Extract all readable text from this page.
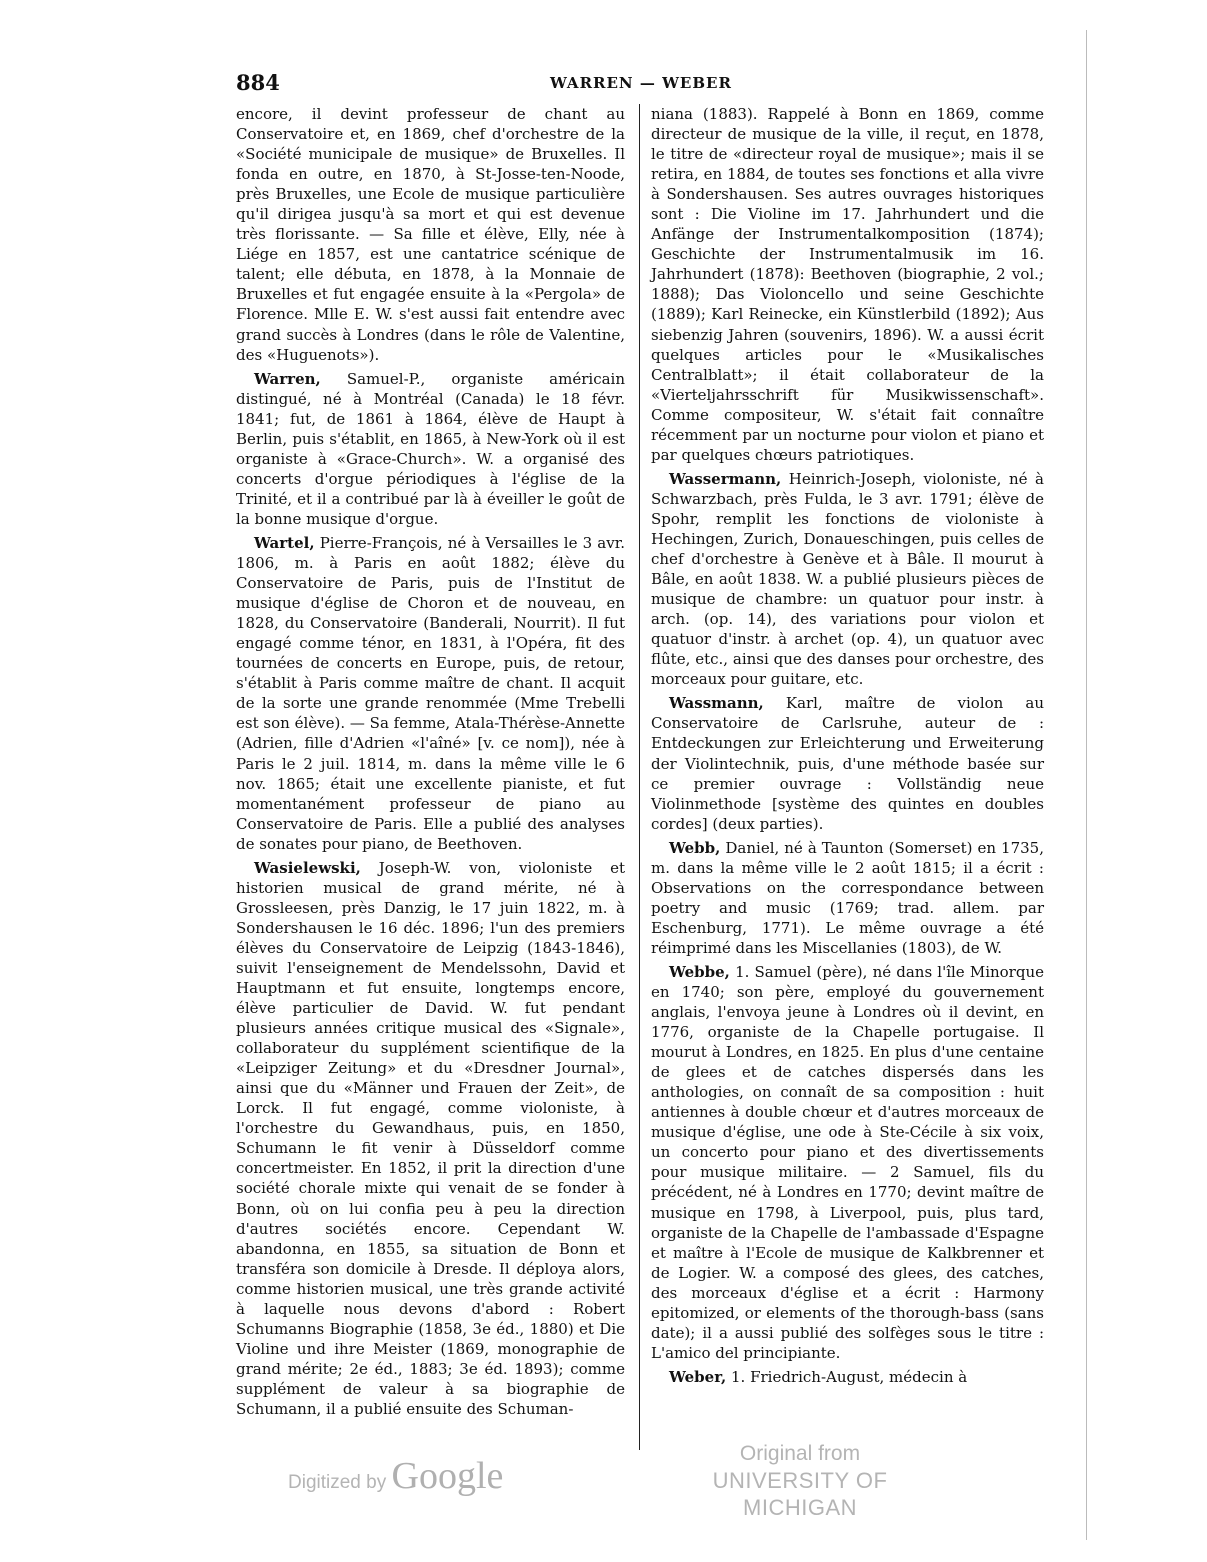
884	WARREN — WEBER

encore, il devint professeur de chant au Conservatoire et, en 1869, chef d'orchestre de la «Société municipale de musique» de Bruxelles. Il fonda en outre, en 1870, à St-Josse-ten-Noode, près Bruxelles, une Ecole de musique particulière qu'il dirigea jusqu'à sa mort et qui est devenue très florissante. — Sa fille et élève, Elly, née à Liége en 1857, est une cantatrice scénique de talent; elle débuta, en 1878, à la Monnaie de Bruxelles et fut engagée ensuite à la «Pergola» de Florence. Mlle E. W. s'est aussi fait entendre avec grand succès à Londres (dans le rôle de Valentine, des «Huguenots»).

Warren, Samuel-P., organiste américain distingué, né à Montréal (Canada) le 18 févr. 1841; fut, de 1861 à 1864, élève de Haupt à Berlin, puis s'établit, en 1865, à New-York où il est organiste à «Grace-Church». W. a organisé des concerts d'orgue périodiques à l'église de la Trinité, et il a contribué par là à éveiller le goût de la bonne musique d'orgue.

Wartel, Pierre-François, né à Versailles le 3 avr. 1806, m. à Paris en août 1882; élève du Conservatoire de Paris, puis de l'Institut de musique d'église de Choron et de nouveau, en 1828, du Conservatoire (Banderali, Nourrit). Il fut engagé comme ténor, en 1831, à l'Opéra, fit des tournées de concerts en Europe, puis, de retour, s'établit à Paris comme maître de chant. Il acquit de la sorte une grande renommée (Mme Trebelli est son élève). — Sa femme, Atala-Thérèse-Annette (Adrien, fille d'Adrien «l'aîné» [v. ce nom]), née à Paris le 2 juil. 1814, m. dans la même ville le 6 nov. 1865; était une excellente pianiste, et fut momentanément professeur de piano au Conservatoire de Paris. Elle a publié des analyses de sonates pour piano, de Beethoven.

Wasielewski, Joseph-W. von, violoniste et historien musical de grand mérite, né à Grossleesen, près Danzig, le 17 juin 1822, m. à Sondershausen le 16 déc. 1896; l'un des premiers élèves du Conservatoire de Leipzig (1843-1846), suivit l'enseignement de Mendelssohn, David et Hauptmann et fut ensuite, longtemps encore, élève particulier de David. W. fut pendant plusieurs années critique musical des «Signale», collaborateur du supplément scientifique de la «Leipziger Zeitung» et du «Dresdner Journal», ainsi que du «Männer und Frauen der Zeit», de Lorck. Il fut engagé, comme violoniste, à l'orchestre du Gewandhaus, puis, en 1850, Schumann le fit venir à Düsseldorf comme concertmeister. En 1852, il prit la direction d'une société chorale mixte qui venait de se fonder à Bonn, où on lui confia peu à peu la direction d'autres sociétés encore. Cependant W. abandonna, en 1855, sa situation de Bonn et transféra son domicile à Dresde. Il déploya alors, comme historien musical, une très grande activité à laquelle nous devons d'abord : Robert Schumanns Biographie (1858, 3e éd., 1880) et Die Violine und ihre Meister (1869, monographie de grand mérite; 2e éd., 1883; 3e éd. 1893); comme supplément de valeur à sa biographie de Schumann, il a publié ensuite des Schuman-

niana (1883). Rappelé à Bonn en 1869, comme directeur de musique de la ville, il reçut, en 1878, le titre de «directeur royal de musique»; mais il se retira, en 1884, de toutes ses fonctions et alla vivre à Sondershausen. Ses autres ouvrages historiques sont : Die Violine im 17. Jahrhundert und die Anfänge der Instrumentalkomposition (1874); Geschichte der Instrumentalmusik im 16. Jahrhundert (1878): Beethoven (biographie, 2 vol.; 1888); Das Violoncello und seine Geschichte (1889); Karl Reinecke, ein Künstlerbild (1892); Aus siebenzig Jahren (souvenirs, 1896). W. a aussi écrit quelques articles pour le «Musikalisches Centralblatt»; il était collaborateur de la «Vierteljahrsschrift für Musikwissenschaft». Comme compositeur, W. s'était fait connaître récemment par un nocturne pour violon et piano et par quelques chœurs patriotiques.

Wassermann, Heinrich-Joseph, violoniste, né à Schwarzbach, près Fulda, le 3 avr. 1791; élève de Spohr, remplit les fonctions de violoniste à Hechingen, Zurich, Donaueschingen, puis celles de chef d'orchestre à Genève et à Bâle. Il mourut à Bâle, en août 1838. W. a publié plusieurs pièces de musique de chambre: un quatuor pour instr. à arch. (op. 14), des variations pour violon et quatuor d'instr. à archet (op. 4), un quatuor avec flûte, etc., ainsi que des danses pour orchestre, des morceaux pour guitare, etc.

Wassmann, Karl, maître de violon au Conservatoire de Carlsruhe, auteur de : Entdeckungen zur Erleichterung und Erweiterung der Violintechnik, puis, d'une méthode basée sur ce premier ouvrage : Vollständig neue Violinmethode [système des quintes en doubles cordes] (deux parties).

Webb, Daniel, né à Taunton (Somerset) en 1735, m. dans la même ville le 2 août 1815; il a écrit : Observations on the correspondance between poetry and music (1769; trad. allem. par Eschenburg, 1771). Le même ouvrage a été réimprimé dans les Miscellanies (1803), de W.

Webbe, 1. Samuel (père), né dans l'île Minorque en 1740; son père, employé du gouvernement anglais, l'envoya jeune à Londres où il devint, en 1776, organiste de la Chapelle portugaise. Il mourut à Londres, en 1825. En plus d'une centaine de glees et de catches dispersés dans les anthologies, on connaît de sa composition : huit antiennes à double chœur et d'autres morceaux de musique d'église, une ode à Ste-Cécile à six voix, un concerto pour piano et des divertissements pour musique militaire. — 2 Samuel, fils du précédent, né à Londres en 1770; devint maître de musique en 1798, à Liverpool, puis, plus tard, organiste de la Chapelle de l'ambassade d'Espagne et maître à l'Ecole de musique de Kalkbrenner et de Logier. W. a composé des glees, des catches, des morceaux d'église et a écrit : Harmony epitomized, or elements of the thorough-bass (sans date); il a aussi publié des solfèges sous le titre : L'amico del principiante.

Weber, 1. Friedrich-August, médecin à

Digitized by Google
Original from
UNIVERSITY OF MICHIGAN
